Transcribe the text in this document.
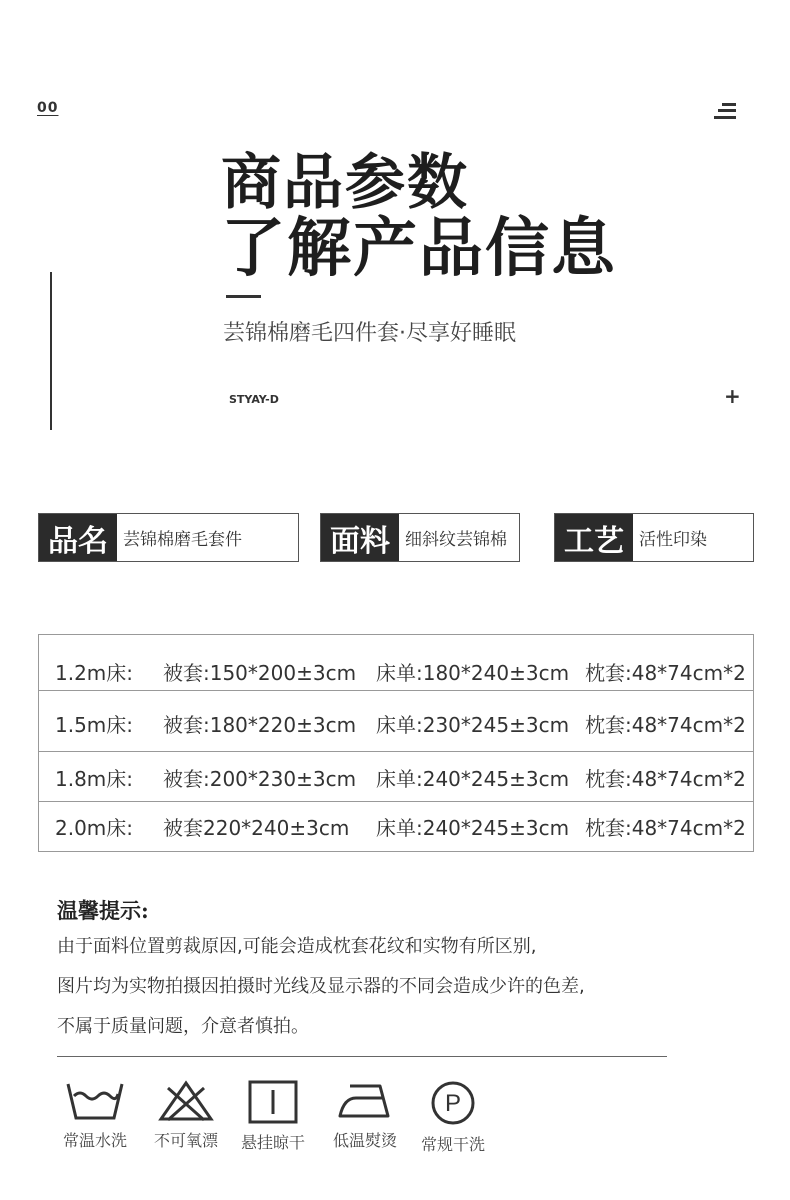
00
商品参数
了解产品信息
芸锦棉磨毛四件套·尽享好睡眠
STYAY-D	+
品名 芸锦棉磨毛套件	面料 细斜纹芸锦棉	工艺 活性印染
1.2m床: 被套:150*200±3cm 床单:180*240±3cm 枕套:48*74cm*2
1.5m床: 被套:180*220±3cm 床单:230*245±3cm 枕套:48*74cm*2
1.8m床: 被套:200*230±3cm 床单:240*245±3cm 枕套:48*74cm*2
2.0m床: 被套220*240±3cm 床单:240*245±3cm 枕套:48*74cm*2
温馨提示:
由于面料位置剪裁原因,可能会造成枕套花纹和实物有所区别,
图片均为实物拍摄因拍摄时光线及显示器的不同会造成少许的色差,
不属于质量问题，介意者慎拍。
常温水洗	不可氧漂	悬挂晾干	低温熨烫
P
常规干洗
